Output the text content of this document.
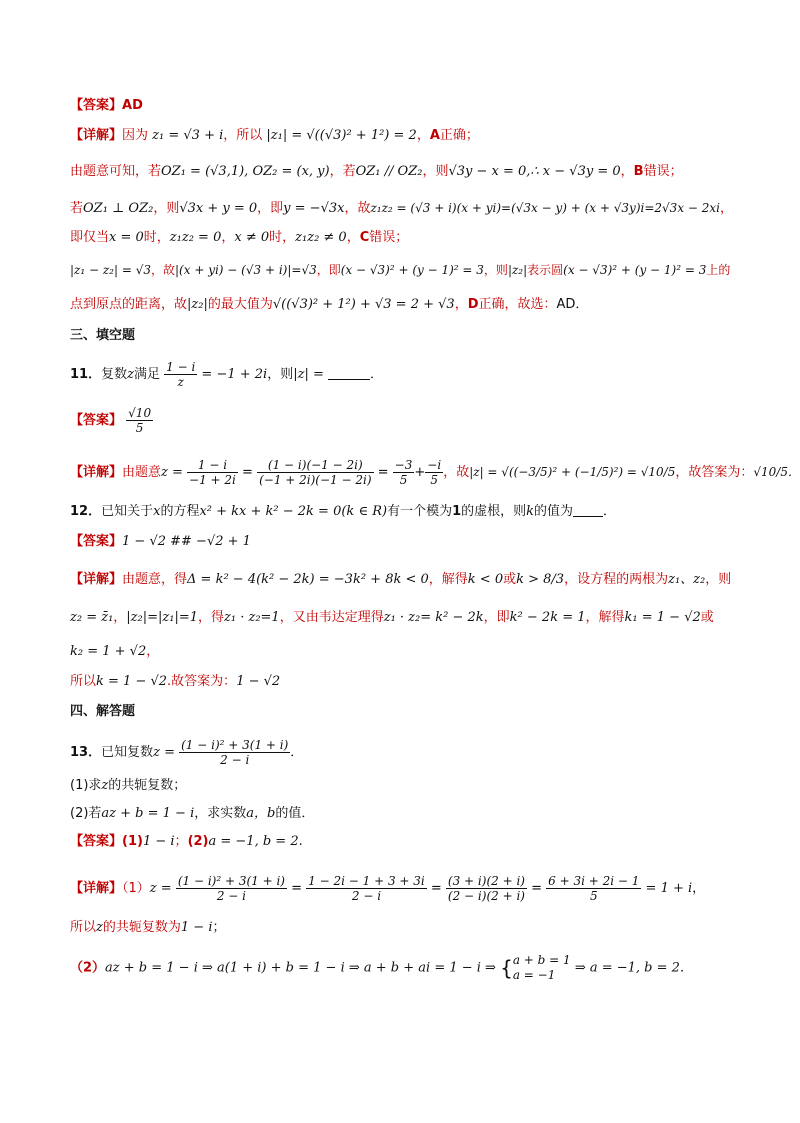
【答案】AD
【详解】因为 z₁ = √3 + i，所以 |z₁| = √((√3)² + 1²) = 2，A正确；
由题意可知，若OZ₁ = (√3,1), OZ₂ = (x, y)，若OZ₁ // OZ₂，则√3y − x = 0,∴ x − √3y = 0，B错误；
若OZ₁ ⊥ OZ₂，则√3x + y = 0，即y = −√3x，故z₁z₂ = (√3 + i)(x + yi)=(√3x − y) + (x + √3y)i=2√3x − 2xi，
即仅当x = 0时，z₁z₂ = 0，x ≠ 0时，z₁z₂ ≠ 0，C错误；
|z₁ − z₂| = √3，故|(x + yi) − (√3 + i)|=√3，即(x − √3)² + (y − 1)² = 3，则|z₂|表示圆(x − √3)² + (y − 1)² = 3上的
点到原点的距离，故|z₂|的最大值为√((√3)² + 1²) + √3 = 2 + √3，D正确，故选：AD．
三、填空题
11．复数z满足 $\frac{1 - i}{z} = -1 + 2i$，则|z| =	．
【答案】 $\frac{√10}{5}$
【详解】由题意$z = \frac{1 - i}{-1 + 2i} = \frac{(1 - i)(-1 - 2i)}{(-1 + 2i)(-1 - 2i)} = \frac{-3}{5} + \frac{-i}{5}$ ，故|z| = √((−3/5)² + (−1/5)²) = √10/5，故答案为：√10/5．
12．已知关于x的方程x² + kx + k² − 2k = 0(k ∈ R)有一个模为1的虚根，则k的值为 ．
【答案】1 − √2 ## −√2 + 1
【详解】由题意，得Δ = k² − 4(k² − 2k) = −3k² + 8k < 0，解得k < 0或k > 8/3，设方程的两根为z₁、z₂，则
z₂ = z̄₁，|z₂|=|z₁|=1，得z₁ · z₂=1，又由韦达定理得z₁ · z₂= k² − 2k，即k² − 2k = 1，解得k₁ = 1 − √2或
k₂ = 1 + √2，
所以k = 1 − √2.故答案为：1 − √2
四、解答题
13．已知复数$z = \frac{\text{(1 − i)² + 3(1 + i)}}{2 - i}$ ．
(1)求z的共轭复数；
(2)若az + b = 1 − i，求实数a，b的值．
【答案】(1)1 − i；(2)a = −1, b = 2.
【详解】$(1)z = \frac{\text{(1 − i)² + 3(1 + i)}}{2 - i} = \frac{1 - 2i - 1 + 3 + 3i}{2 - i} = \frac{(3 + i)(2 + i)}{(2 - i)(2 + i)} = \frac{6 + 3i + 2i - 1}{5} = 1 + i$，
所以z的共轭复数为1 − i；
（2）az + b = 1 − i ⇒ a(1 + i) + b = 1 − i ⇒ a + b + ai = 1 − i ⇒ { a + b = 1
a = −1	⇒ a = −1, b = 2．
